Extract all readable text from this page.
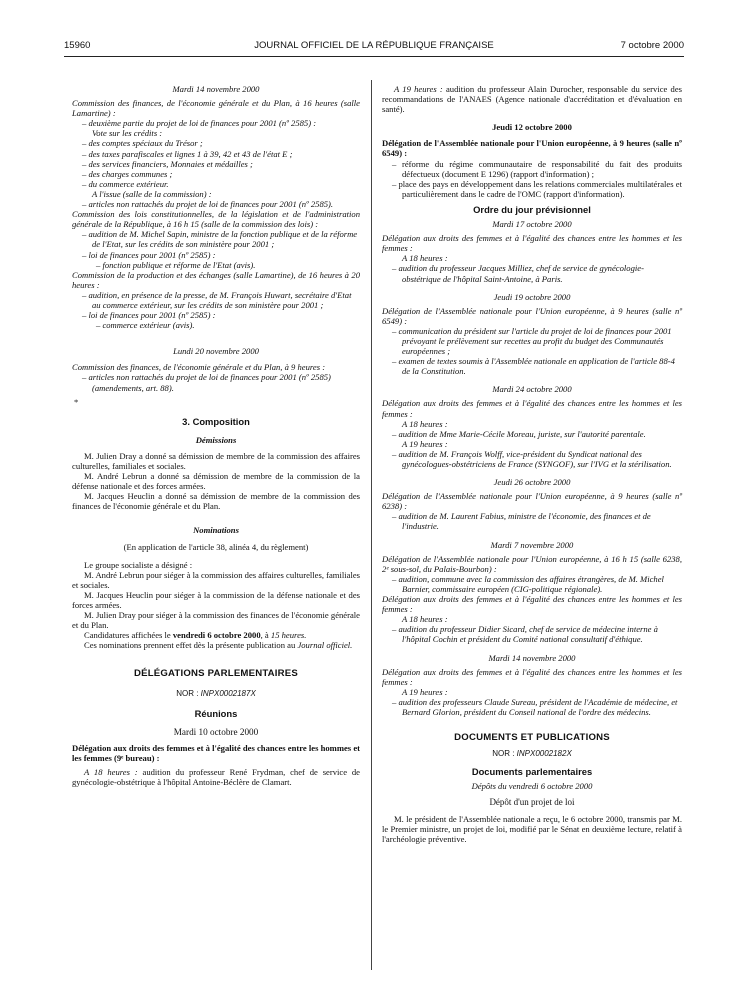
15960	JOURNAL OFFICIEL DE LA RÉPUBLIQUE FRANÇAISE	7 octobre 2000

Mardi 14 novembre 2000

Commission des finances, de l'économie générale et du Plan, à 16 heures (salle Lamartine) :

– deuxième partie du projet de loi de finances pour 2001 (nº 2585) :

Vote sur les crédits :

– des comptes spéciaux du Trésor ;

– des taxes parafiscales et lignes 1 à 39, 42 et 43 de l'état E ;

– des services financiers, Monnaies et médailles ;

– des charges communes ;

– du commerce extérieur.

A l'issue (salle de la commission) :

– articles non rattachés du projet de loi de finances pour 2001 (nº 2585).

Commission des lois constitutionnelles, de la législation et de l'administration générale de la République, à 16 h 15 (salle de la commission des lois) :

– audition de M. Michel Sapin, ministre de la fonction publique et de la réforme de l'Etat, sur les crédits de son ministère pour 2001 ;

– loi de finances pour 2001 (nº 2585) :

– fonction publique et réforme de l'Etat (avis).

Commission de la production et des échanges (salle Lamartine), de 16 heures à 20 heures :

– audition, en présence de la presse, de M. François Huwart, secrétaire d'Etat au commerce extérieur, sur les crédits de son ministère pour 2001 ;

– loi de finances pour 2001 (nº 2585) :

– commerce extérieur (avis).

Lundi 20 novembre 2000

Commission des finances, de l'économie générale et du Plan, à 9 heures :

– articles non rattachés du projet de loi de finances pour 2001 (nº 2585) (amendements, art. 88).

*

3. Composition

Démissions

M. Julien Dray a donné sa démission de membre de la commission des affaires culturelles, familiales et sociales.

M. André Lebrun a donné sa démission de membre de la commission de la défense nationale et des forces armées.

M. Jacques Heuclin a donné sa démission de membre de la commission des finances de l'économie générale et du Plan.

Nominations

(En application de l'article 38, alinéa 4, du règlement)

Le groupe socialiste a désigné :

M. André Lebrun pour siéger à la commission des affaires culturelles, familiales et sociales.

M. Jacques Heuclin pour siéger à la commission de la défense nationale et des forces armées.

M. Julien Dray pour siéger à la commission des finances de l'économie générale et du Plan.

Candidatures affichées le vendredi 6 octobre 2000, à 15 heures.

Ces nominations prennent effet dès la présente publication au Journal officiel.

DÉLÉGATIONS PARLEMENTAIRES

NOR : INPX0002187X

Réunions

Mardi 10 octobre 2000

Délégation aux droits des femmes et à l'égalité des chances entre les hommes et les femmes (9ᵉ bureau) :

A 18 heures : audition du professeur René Frydman, chef de service de gynécologie-obstétrique à l'hôpital Antoine-Béclère de Clamart.

A 19 heures : audition du professeur Alain Durocher, responsable du service des recommandations de l'ANAES (Agence nationale d'accréditation et d'évaluation en santé).

Jeudi 12 octobre 2000

Délégation de l'Assemblée nationale pour l'Union européenne, à 9 heures (salle nº 6549) :

– réforme du régime communautaire de responsabilité du fait des produits défectueux (document E 1296) (rapport d'information) ;

– place des pays en développement dans les relations commerciales multilatérales et particulièrement dans le cadre de l'OMC (rapport d'information).

Ordre du jour prévisionnel

Mardi 17 octobre 2000

Délégation aux droits des femmes et à l'égalité des chances entre les hommes et les femmes :

A 18 heures :

– audition du professeur Jacques Milliez, chef de service de gynécologie-obstétrique de l'hôpital Saint-Antoine, à Paris.

Jeudi 19 octobre 2000

Délégation de l'Assemblée nationale pour l'Union européenne, à 9 heures (salle nº 6549) :

– communication du président sur l'article du projet de loi de finances pour 2001 prévoyant le prélèvement sur recettes au profit du budget des Communautés européennes ;

– examen de textes soumis à l'Assemblée nationale en application de l'article 88-4 de la Constitution.

Mardi 24 octobre 2000

Délégation aux droits des femmes et à l'égalité des chances entre les hommes et les femmes :

A 18 heures :

– audition de Mme Marie-Cécile Moreau, juriste, sur l'autorité parentale.

A 19 heures :

– audition de M. François Wolff, vice-président du Syndicat national des gynécologues-obstétriciens de France (SYNGOF), sur l'IVG et la stérilisation.

Jeudi 26 octobre 2000

Délégation de l'Assemblée nationale pour l'Union européenne, à 9 heures (salle nº 6238) :

– audition de M. Laurent Fabius, ministre de l'économie, des finances et de l'industrie.

Mardi 7 novembre 2000

Délégation de l'Assemblée nationale pour l'Union européenne, à 16 h 15 (salle 6238, 2ᵉ sous-sol, du Palais-Bourbon) :

– audition, commune avec la commission des affaires étrangères, de M. Michel Barnier, commissaire européen (CIG-politique régionale).

Délégation aux droits des femmes et à l'égalité des chances entre les hommes et les femmes :

A 18 heures :

– audition du professeur Didier Sicard, chef de service de médecine interne à l'hôpital Cochin et président du Comité national consultatif d'éthique.

Mardi 14 novembre 2000

Délégation aux droits des femmes et à l'égalité des chances entre les hommes et les femmes :

A 19 heures :

– audition des professeurs Claude Sureau, président de l'Académie de médecine, et Bernard Glorion, président du Conseil national de l'ordre des médecins.

DOCUMENTS ET PUBLICATIONS

NOR : INPX0002182X

Documents parlementaires

Dépôts du vendredi 6 octobre 2000

Dépôt d'un projet de loi

M. le président de l'Assemblée nationale a reçu, le 6 octobre 2000, transmis par M. le Premier ministre, un projet de loi, modifié par le Sénat en deuxième lecture, relatif à l'archéologie préventive.
